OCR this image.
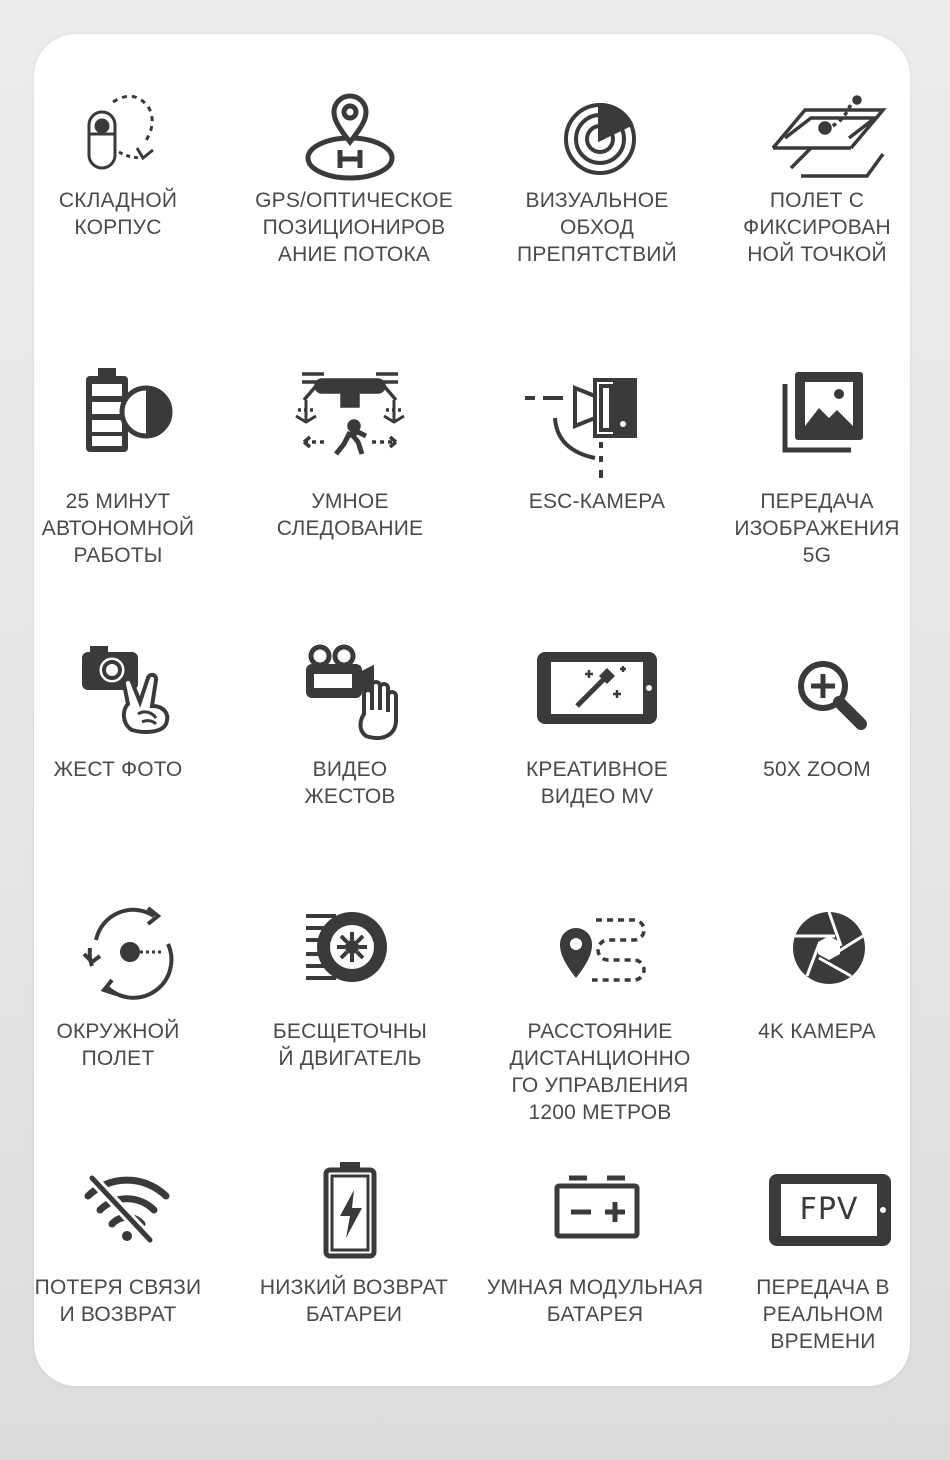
СКЛАДНОЙ
КОРПУС
GPS/ОПТИЧЕСКОЕ
ПОЗИЦИОНИРОВ
АНИЕ ПОТОКА
ВИЗУАЛЬНОЕ
ОБХОД
ПРЕПЯТСТВИЙ
ПОЛЕТ С
ФИКСИРОВАН
НОЙ ТОЧКОЙ
25 МИНУТ
АВТОНОМНОЙ
РАБОТЫ
УМНОЕ
СЛЕДОВАНИЕ
ESC-КАМЕРА	ПЕРЕДАЧА
ИЗОБРАЖЕНИЯ
5G
ЖЕСТ ФОТО	ВИДЕО
ЖЕСТОВ
КРЕАТИВНОЕ
ВИДЕО MV
50X ZOOM
ОКРУЖНОЙ
ПОЛЕТ
БЕСЩЕТОЧНЫ
Й ДВИГАТЕЛЬ
РАССТОЯНИЕ
ДИСТАНЦИОННО
ГО УПРАВЛЕНИЯ
1200 МЕТРОВ
4K КАМЕРА
ПОТЕРЯ СВЯЗИ
И ВОЗВРАТ
НИЗКИЙ ВОЗВРАТ
БАТАРЕИ
УМНАЯ МОДУЛЬНАЯ
БАТАРЕЯ
FPV
ПЕРЕДАЧА В
РЕАЛЬНОМ
ВРЕМЕНИ
